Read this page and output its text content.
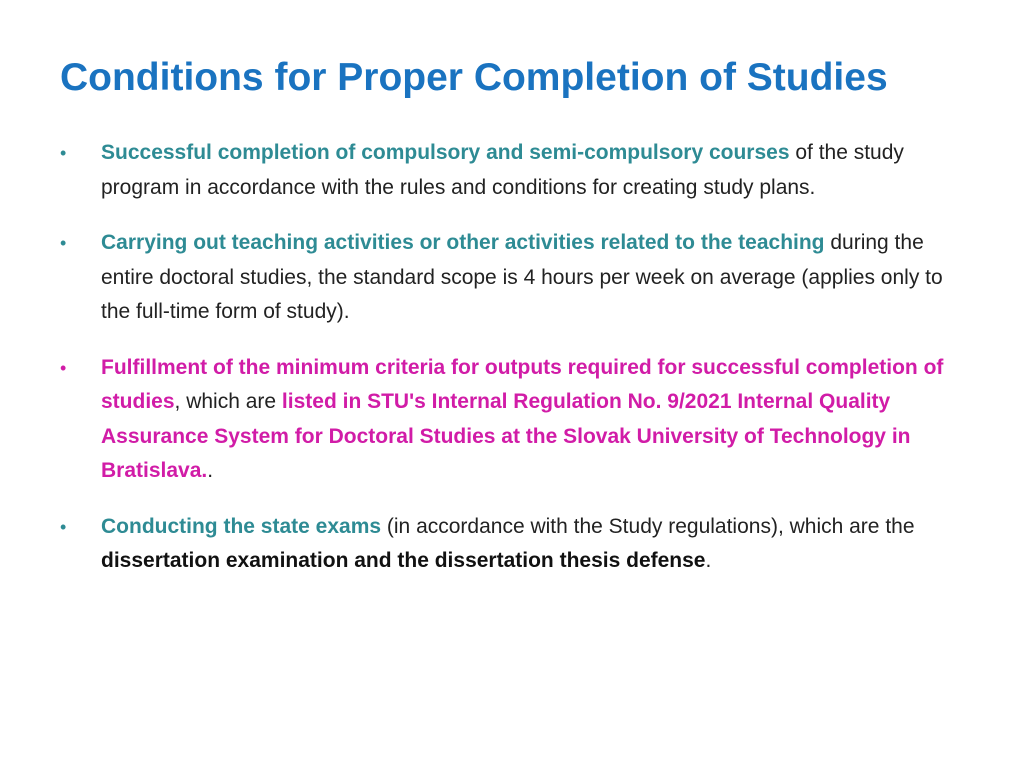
Conditions for Proper Completion of Studies
• Successful completion of compulsory and semi-compulsory courses of the study program in accordance with the rules and conditions for creating study plans.
• Carrying out teaching activities or other activities related to the teaching during the entire doctoral studies, the standard scope is 4 hours per week on average (applies only to the full-time form of study).
• Fulfillment of the minimum criteria for outputs required for successful completion of studies, which are listed in STU's Internal Regulation No. 9/2021 Internal Quality Assurance System for Doctoral Studies at the Slovak University of Technology in Bratislava..
• Conducting the state exams (in accordance with the Study regulations), which are the dissertation examination and the dissertation thesis defense.
